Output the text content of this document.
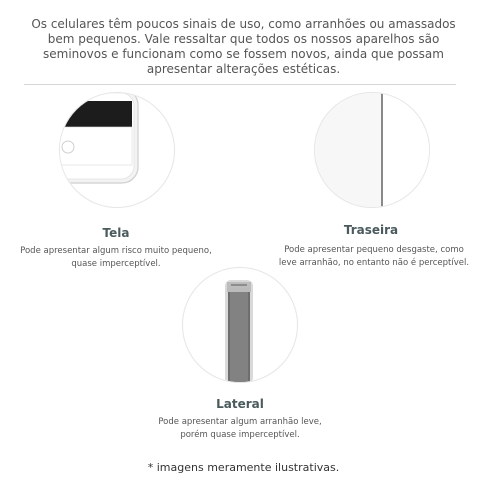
Os celulares têm poucos sinais de uso, como arranhões ou amassados
bem pequenos. Vale ressaltar que todos os nossos aparelhos são
seminovos e funcionam como se fossem novos, ainda que possam
apresentar alterações estéticas.

Tela

Pode apresentar algum risco muito pequeno,
quase imperceptível.

Traseira

Pode apresentar pequeno desgaste, como
leve arranhão, no entanto não é perceptível.

Lateral

Pode apresentar algum arranhão leve,
porém quase imperceptível.

* imagens meramente ilustrativas.
